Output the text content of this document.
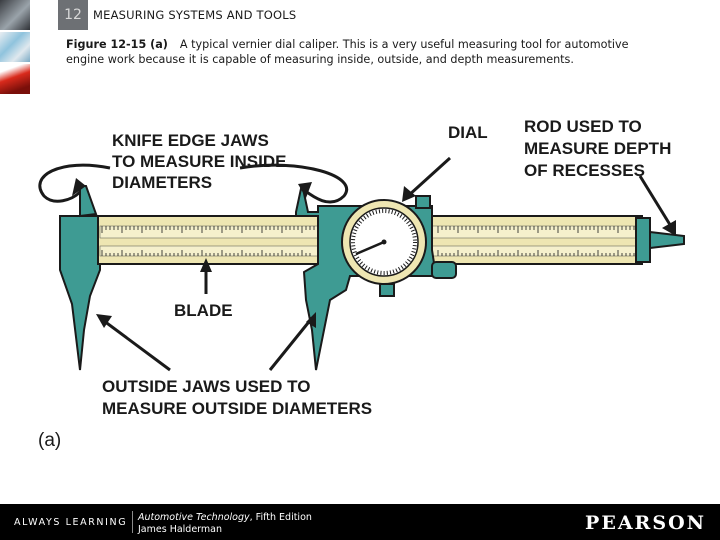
12 MEASURING SYSTEMS AND TOOLS
Figure 12-15 (a) A typical vernier dial caliper. This is a very useful measuring tool for automotive engine work because it is capable of measuring inside, outside, and depth measurements.
KNIFE EDGE JAWS
TO MEASURE INSIDE
DIAMETERS
DIAL ROD USED TO
MEASURE DEPTH
OF RECESSES
BLADE
OUTSIDE JAWS USED TO
MEASURE OUTSIDE DIAMETERS
(a)
ALWAYS LEARNING Automotive Technology, Fifth Edition
James Halderman	PEARSON
